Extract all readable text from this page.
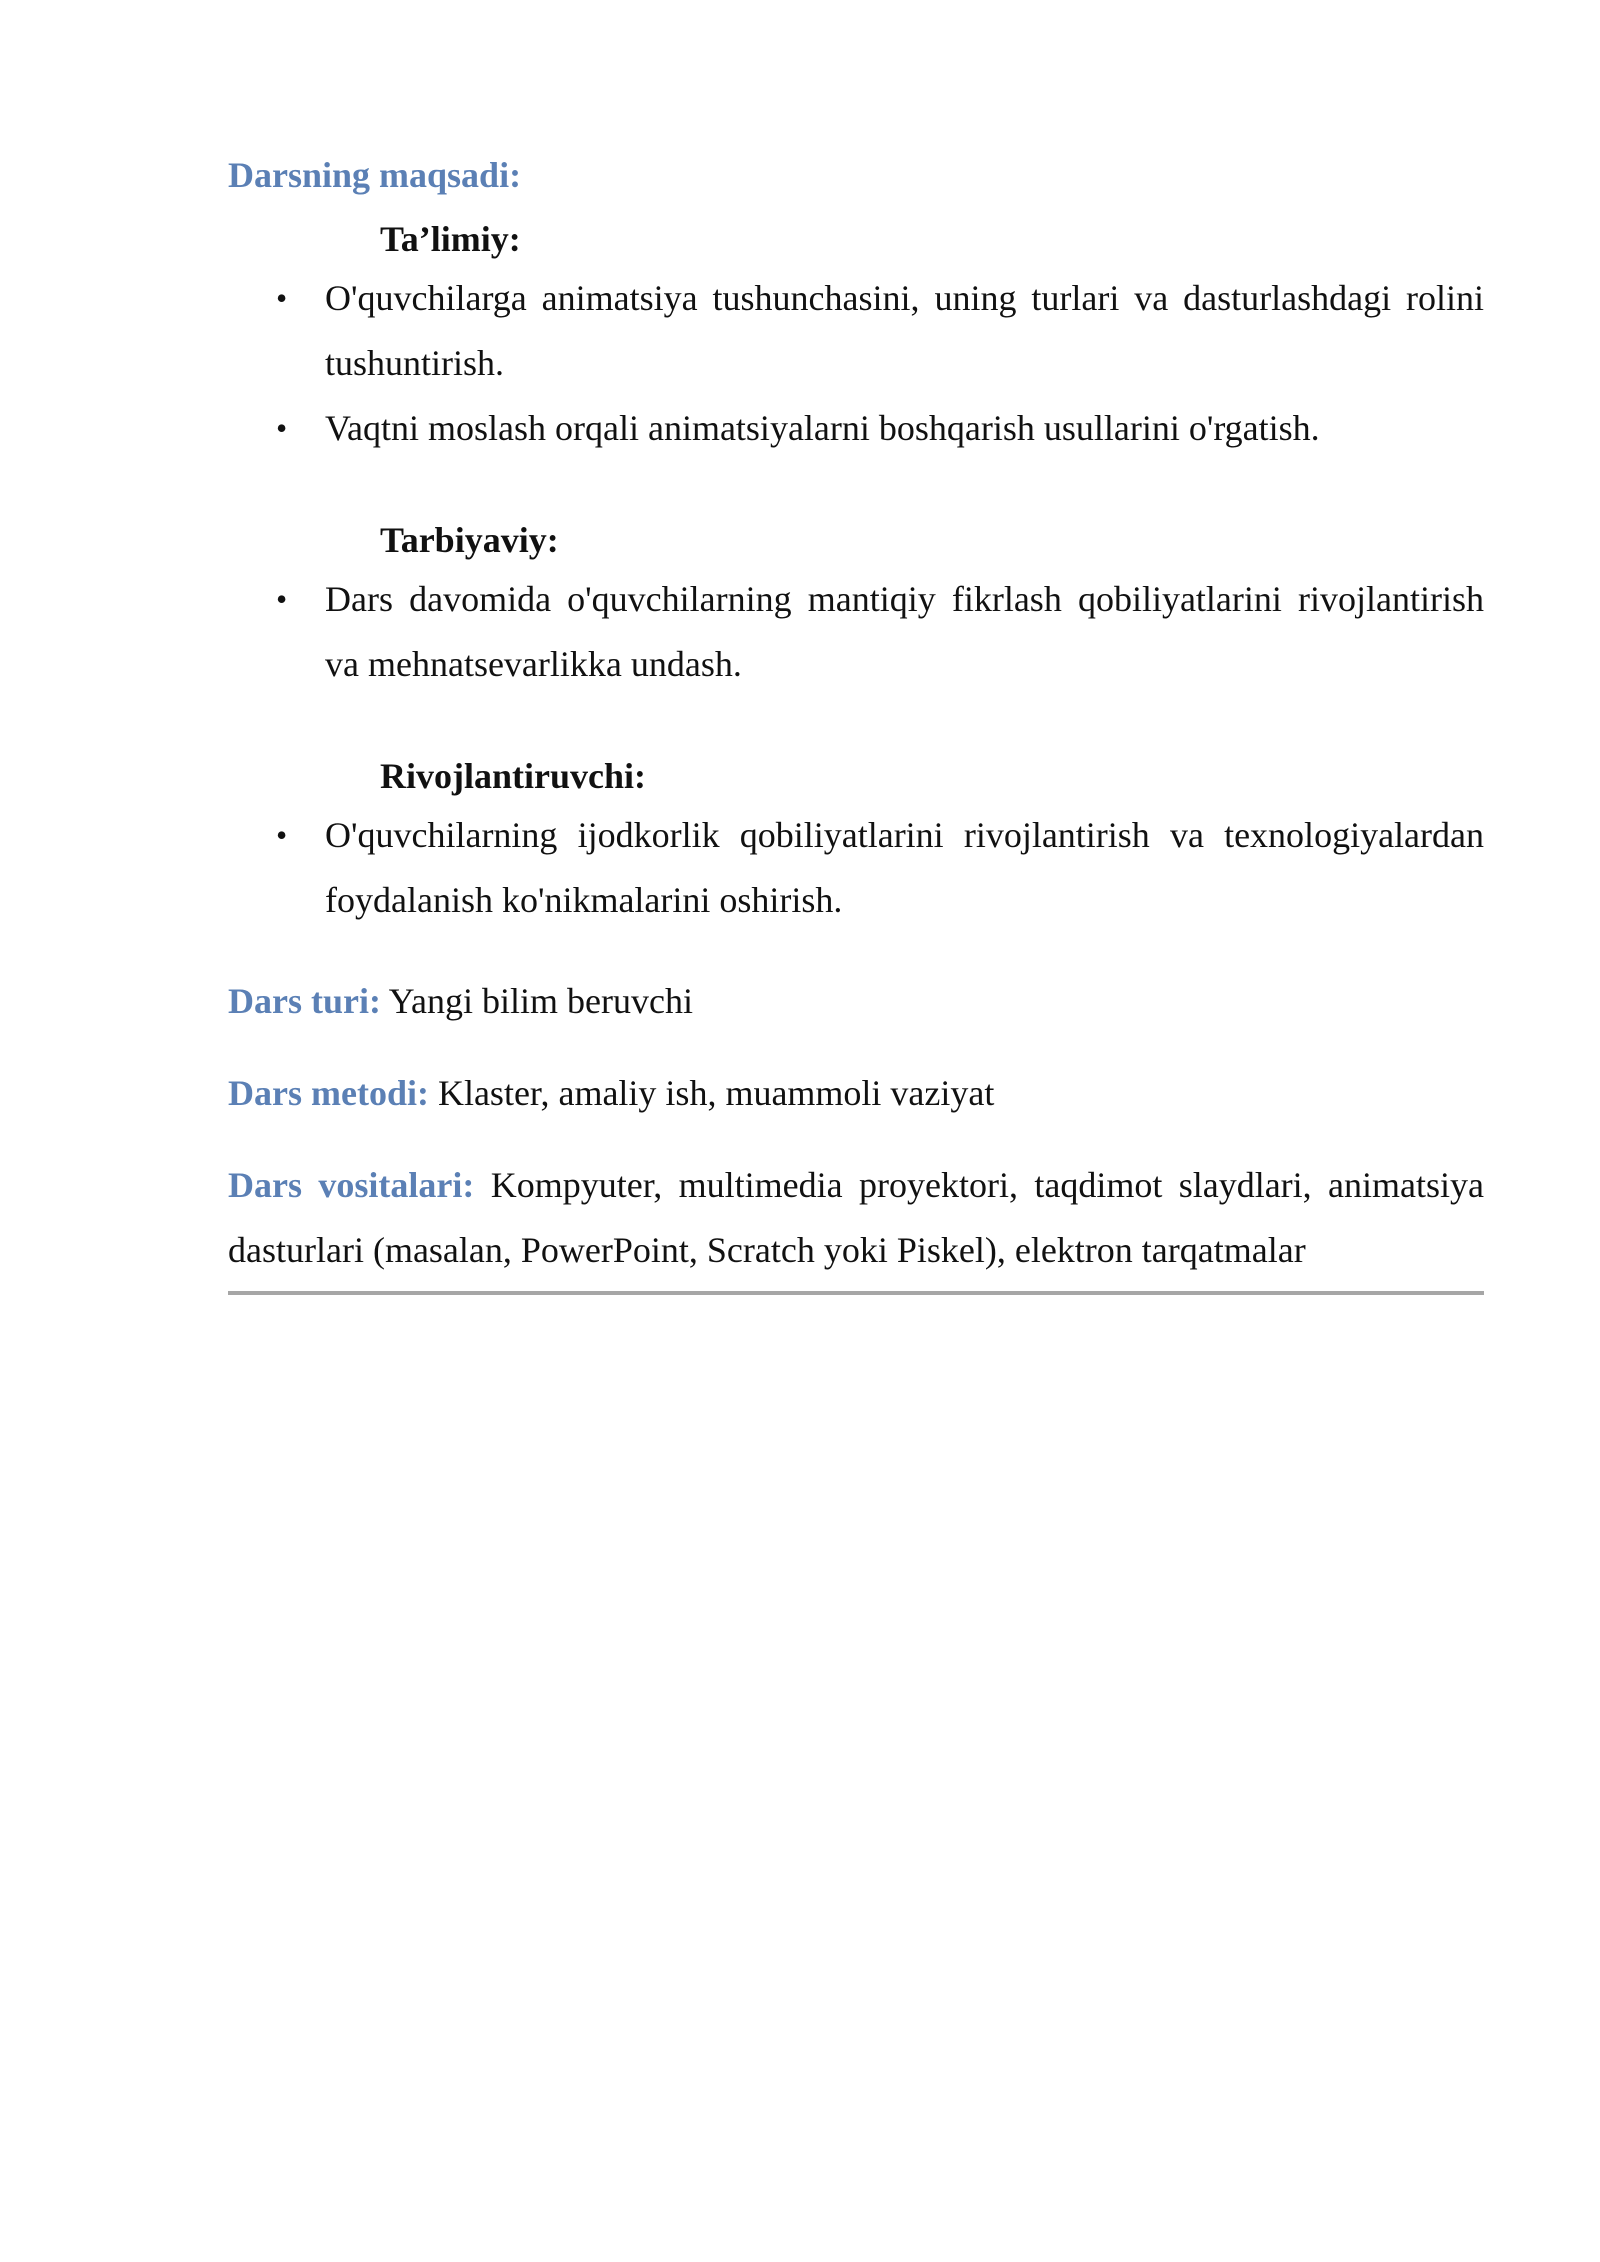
Darsning maqsadi:

Ta’limiy:

• O'quvchilarga animatsiya tushunchasini, uning turlari va dasturlashdagi rolini tushuntirish.
• Vaqtni moslash orqali animatsiyalarni boshqarish usullarini o'rgatish.

Tarbiyaviy:

• Dars davomida o'quvchilarning mantiqiy fikrlash qobiliyatlarini rivojlantirish va mehnatsevarlikka undash.

Rivojlantiruvchi:

• O'quvchilarning ijodkorlik qobiliyatlarini rivojlantirish va texnologiyalardan foydalanish ko'nikmalarini oshirish.

Dars turi: Yangi bilim beruvchi

Dars metodi: Klaster, amaliy ish, muammoli vaziyat

Dars vositalari: Kompyuter, multimedia proyektori, taqdimot slaydlari, animatsiya dasturlari (masalan, PowerPoint, Scratch yoki Piskel), elektron tarqatmalar
